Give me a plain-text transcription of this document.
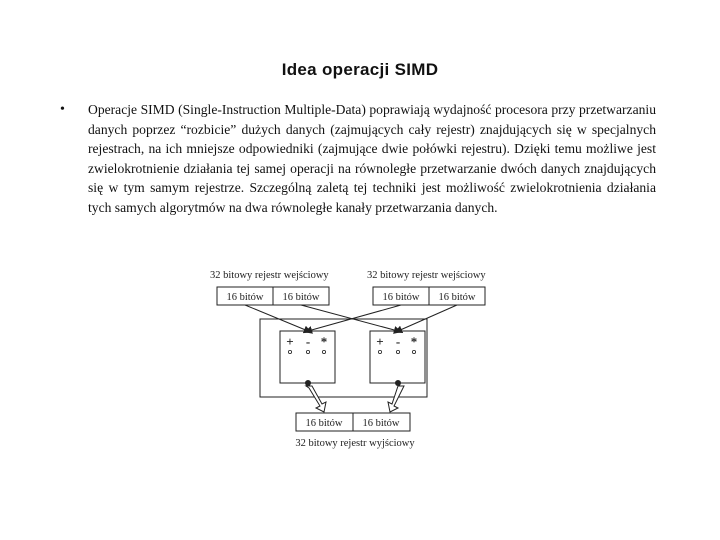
Idea operacji SIMD
• Operacje SIMD (Single-Instruction Multiple-Data) poprawiają wydajność procesora przy przetwarzaniu danych poprzez “rozbicie” dużych danych (zajmujących cały rejestr) znajdujących się w specjalnych rejestrach, na ich mniejsze odpowiedniki (zajmujące dwie połówki rejestru). Dzięki temu możliwe jest zwielokrotnienie działania tej samej operacji na równoległe przetwarzanie dwóch danych znajdujących się w tym samym rejestrze. Szczególną zaletą tej techniki jest możliwość zwielokrotnienia działania tych samych algorytmów na dwa równoległe kanały przetwarzania danych.
32 bitowy rejestr wejściowy	32 bitowy rejestr wejściowy
16 bitów 16 bitów	16 bitów 16 bitów
+ - *	+ - *
16 bitów 16 bitów
32 bitowy rejestr wyjściowy
